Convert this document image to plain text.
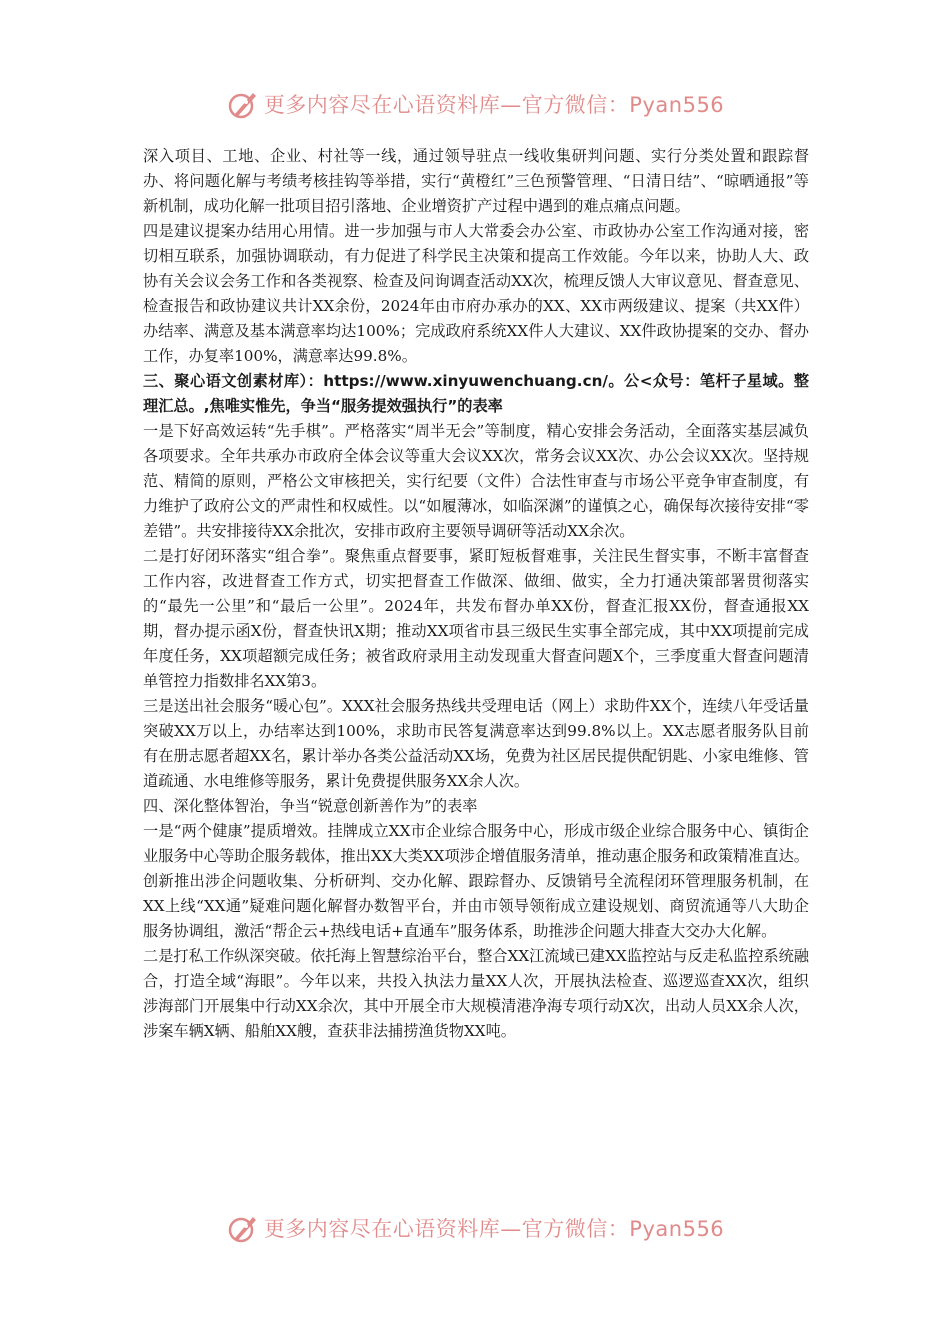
更多内容尽在心语资料库—官方微信：Pyan556

深入项目、工地、企业、村社等一线，通过领导驻点一线收集研判问题、实行分类处置和跟踪督办、将问题化解与考绩考核挂钩等举措，实行“黄橙红”三色预警管理、“日清日结”、“晾晒通报”等新机制，成功化解一批项目招引落地、企业增资扩产过程中遇到的难点痛点问题。

四是建议提案办结用心用情。进一步加强与市人大常委会办公室、市政协办公室工作沟通对接，密切相互联系，加强协调联动，有力促进了科学民主决策和提高工作效能。今年以来，协助人大、政协有关会议会务工作和各类视察、检查及问询调查活动XX次，梳理反馈人大审议意见、督查意见、检查报告和政协建议共计XX余份，2024年由市府办承办的XX、XX市两级建议、提案（共XX件）办结率、满意及基本满意率均达100%；完成政府系统XX件人大建议、XX件政协提案的交办、督办工作，办复率100%，满意率达99.8%。

三、聚心语文创素材库）：https://www.xinyuwenchuang.cn/。公<众号：笔杆子星域。整理汇总。,焦唯实惟先，争当“服务提效强执行”的表率

一是下好高效运转“先手棋”。严格落实“周半无会”等制度，精心安排会务活动，全面落实基层减负各项要求。全年共承办市政府全体会议等重大会议XX次，常务会议XX次、办公会议XX次。坚持规范、精简的原则，严格公文审核把关，实行纪要（文件）合法性审查与市场公平竞争审查制度，有力维护了政府公文的严肃性和权威性。以“如履薄冰，如临深渊”的谨慎之心，确保每次接待安排“零差错”。共安排接待XX余批次，安排市政府主要领导调研等活动XX余次。

二是打好闭环落实“组合拳”。聚焦重点督要事，紧盯短板督难事，关注民生督实事，不断丰富督查工作内容，改进督查工作方式，切实把督查工作做深、做细、做实，全力打通决策部署贯彻落实的“最先一公里”和“最后一公里”。2024年，共发布督办单XX份，督查汇报XX份，督查通报XX期，督办提示函X份，督查快讯X期；推动XX项省市县三级民生实事全部完成，其中XX项提前完成年度任务，XX项超额完成任务；被省政府录用主动发现重大督查问题X个，三季度重大督查问题清单管控力指数排名XX第3。

三是送出社会服务“暖心包”。XXX社会服务热线共受理电话（网上）求助件XX个，连续八年受话量突破XX万以上，办结率达到100%，求助市民答复满意率达到99.8%以上。XX志愿者服务队目前有在册志愿者超XX名，累计举办各类公益活动XX场，免费为社区居民提供配钥匙、小家电维修、管道疏通、水电维修等服务，累计免费提供服务XX余人次。

四、深化整体智治，争当“锐意创新善作为”的表率

一是“两个健康”提质增效。挂牌成立XX市企业综合服务中心，形成市级企业综合服务中心、镇街企业服务中心等助企服务载体，推出XX大类XX项涉企增值服务清单，推动惠企服务和政策精准直达。创新推出涉企问题收集、分析研判、交办化解、跟踪督办、反馈销号全流程闭环管理服务机制，在XX上线“XX通”疑难问题化解督办数智平台，并由市领导领衔成立建设规划、商贸流通等八大助企服务协调组，激活“帮企云+热线电话+直通车”服务体系，助推涉企问题大排查大交办大化解。

二是打私工作纵深突破。依托海上智慧综治平台，整合XX江流域已建XX监控站与反走私监控系统融合，打造全域“海眼”。今年以来，共投入执法力量XX人次，开展执法检查、巡逻巡查XX次，组织涉海部门开展集中行动XX余次，其中开展全市大规模清港净海专项行动X次，出动人员XX余人次，涉案车辆X辆、船舶XX艘，查获非法捕捞渔货物XX吨。

更多内容尽在心语资料库—官方微信：Pyan556
